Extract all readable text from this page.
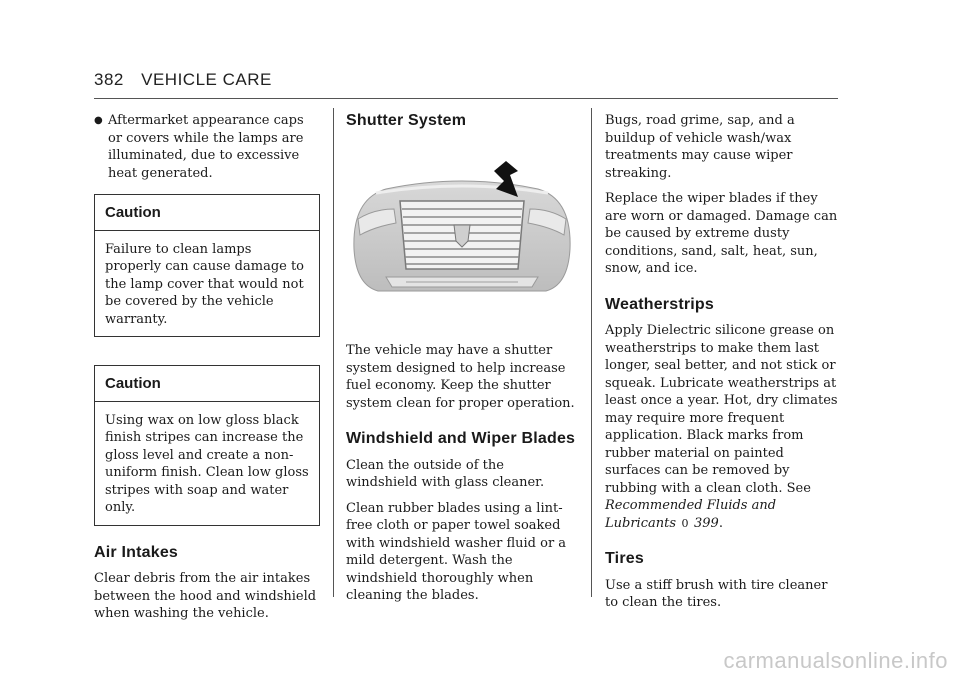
382 VEHICLE CARE
● Aftermarket appearance caps or covers while the lamps are illuminated, due to excessive heat generated.
Caution

Failure to clean lamps properly can cause damage to the lamp cover that would not be covered by the vehicle warranty.

Caution

Using wax on low gloss black finish stripes can increase the gloss level and create a non-uniform finish. Clean low gloss stripes with soap and water only.

Air Intakes

Clear debris from the air intakes between the hood and windshield when washing the vehicle.

Shutter System

The vehicle may have a shutter system designed to help increase fuel economy. Keep the shutter system clean for proper operation.

Windshield and Wiper Blades

Clean the outside of the windshield with glass cleaner.

Clean rubber blades using a lint-free cloth or paper towel soaked with windshield washer fluid or a mild detergent. Wash the windshield thoroughly when cleaning the blades.

Bugs, road grime, sap, and a buildup of vehicle wash/wax treatments may cause wiper streaking.

Replace the wiper blades if they are worn or damaged. Damage can be caused by extreme dusty conditions, sand, salt, heat, sun, snow, and ice.

Weatherstrips

Apply Dielectric silicone grease on weatherstrips to make them last longer, seal better, and not stick or squeak. Lubricate weatherstrips at least once a year. Hot, dry climates may require more frequent application. Black marks from rubber material on painted surfaces can be removed by rubbing with a clean cloth. See Recommended Fluids and Lubricants 0 399.

Tires

Use a stiff brush with tire cleaner to clean the tires.

carmanualsonline.info
